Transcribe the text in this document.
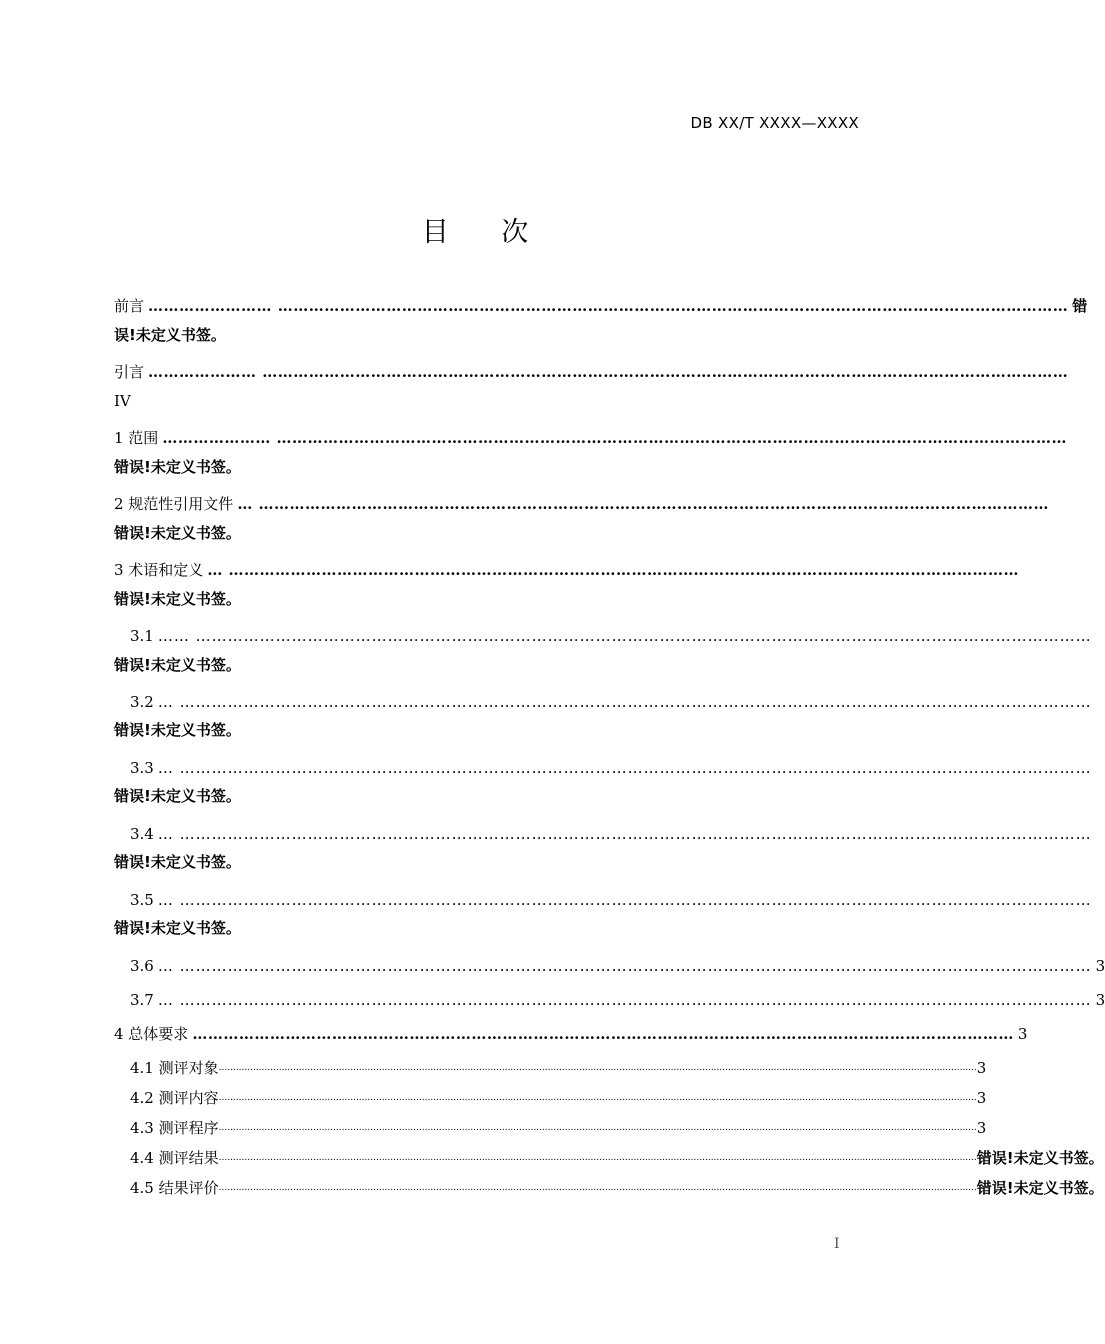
DB XX/T XXXX—XXXX
目 次
前言 …………………… ……………………………………………………………………………………………………………………………………… 错
误!未定义书签。
引言 ………………… …………………………………………………………………………………………………………………………………………
IV
1 范围 ………………… ………………………………………………………………………………………………………………………………………
错误!未定义书签。
2 规范性引用文件 … ………………………………………………………………………………………………………………………………………
错误!未定义书签。
3 术语和定义 … ………………………………………………………………………………………………………………………………………
错误!未定义书签。
3.1 …… ……………………………………………………………………………………………………………………………………………………
错误!未定义书签。
3.2 … ………………………………………………………………………………………………………………………………………………………
错误!未定义书签。
3.3 … ………………………………………………………………………………………………………………………………………………………
错误!未定义书签。
3.4 … ………………………………………………………………………………………………………………………………………………………
错误!未定义书签。
3.5 … ………………………………………………………………………………………………………………………………………………………
错误!未定义书签。
3.6 … ……………………………………………………………………………………………………………………………………………………… 3
3.7 … ……………………………………………………………………………………………………………………………………………………… 3
4 总体要求 …………………………………………………………………………………………………………………………………………… 3
4.1 测评对象 ......................................................................................................................................................................................................................................................................... 3
4.2 测评内容 ......................................................................................................................................................................................................................................................................... 3
4.3 测评程序 ......................................................................................................................................................................................................................................................................... 3
4.4 测评结果 ......................................................................................................................................................................................................................................................................... 错误!未定义书签。
4.5 结果评价 ......................................................................................................................................................................................................................................................................... 错误!未定义书签。
I
